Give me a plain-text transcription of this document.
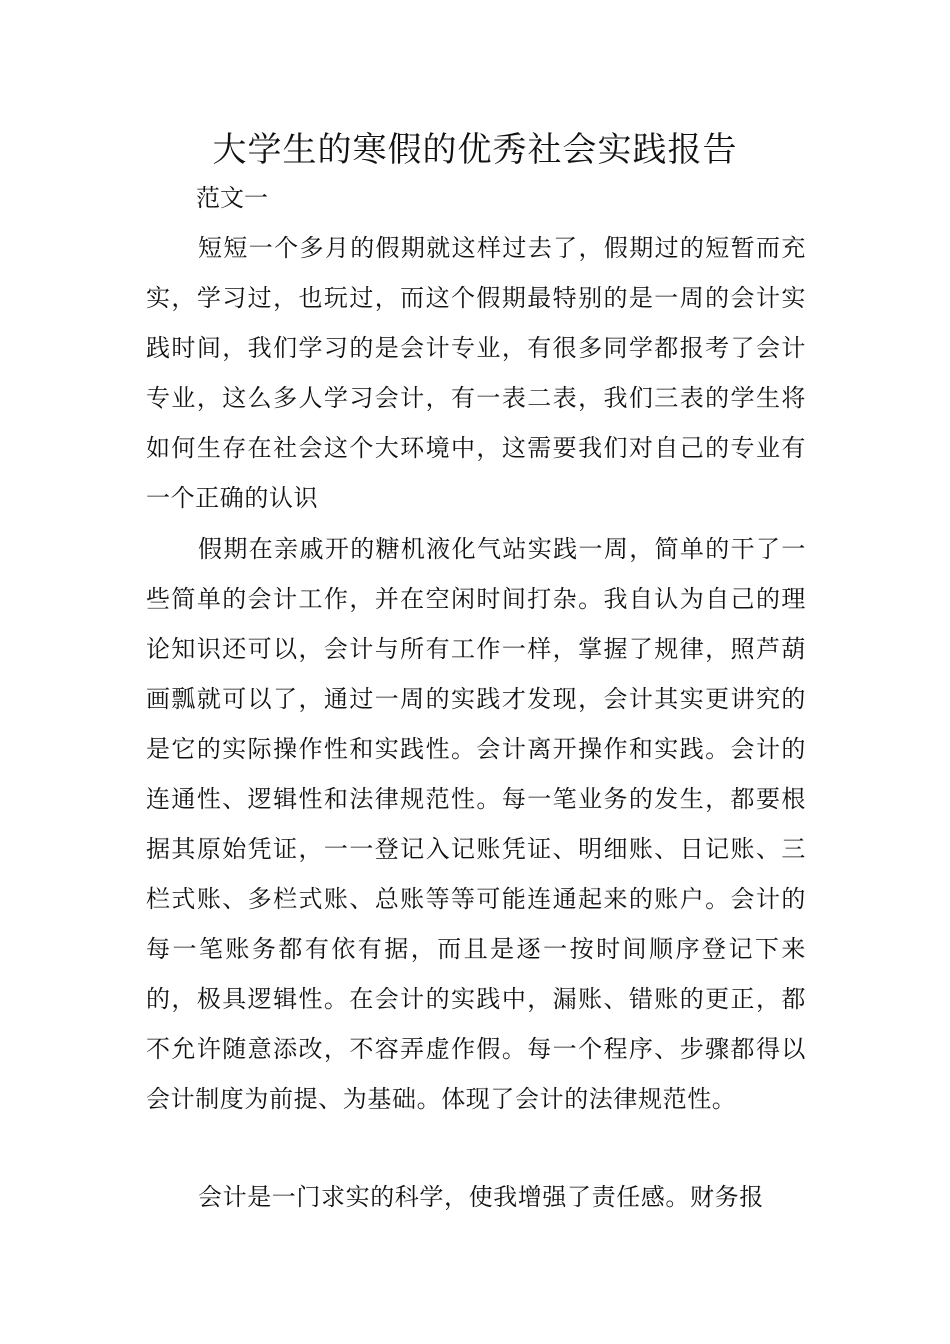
大学生的寒假的优秀社会实践报告

范文一

短短一个多月的假期就这样过去了，假期过的短暂而充实，学习过，也玩过，而这个假期最特别的是一周的会计实践时间，我们学习的是会计专业，有很多同学都报考了会计专业，这么多人学习会计，有一表二表，我们三表的学生将如何生存在社会这个大环境中，这需要我们对自己的专业有一个正确的认识

假期在亲戚开的糖机液化气站实践一周，简单的干了一些简单的会计工作，并在空闲时间打杂。我自认为自己的理论知识还可以，会计与所有工作一样，掌握了规律，照芦葫画瓢就可以了，通过一周的实践才发现，会计其实更讲究的是它的实际操作性和实践性。会计离开操作和实践。会计的连通性、逻辑性和法律规范性。每一笔业务的发生，都要根据其原始凭证，一一登记入记账凭证、明细账、日记账、三栏式账、多栏式账、总账等等可能连通起来的账户。会计的每一笔账务都有依有据，而且是逐一按时间顺序登记下来的，极具逻辑性。在会计的实践中，漏账、错账的更正，都不允许随意添改，不容弄虚作假。每一个程序、步骤都得以会计制度为前提、为基础。体现了会计的法律规范性。

会计是一门求实的科学，使我增强了责任感。财务报
